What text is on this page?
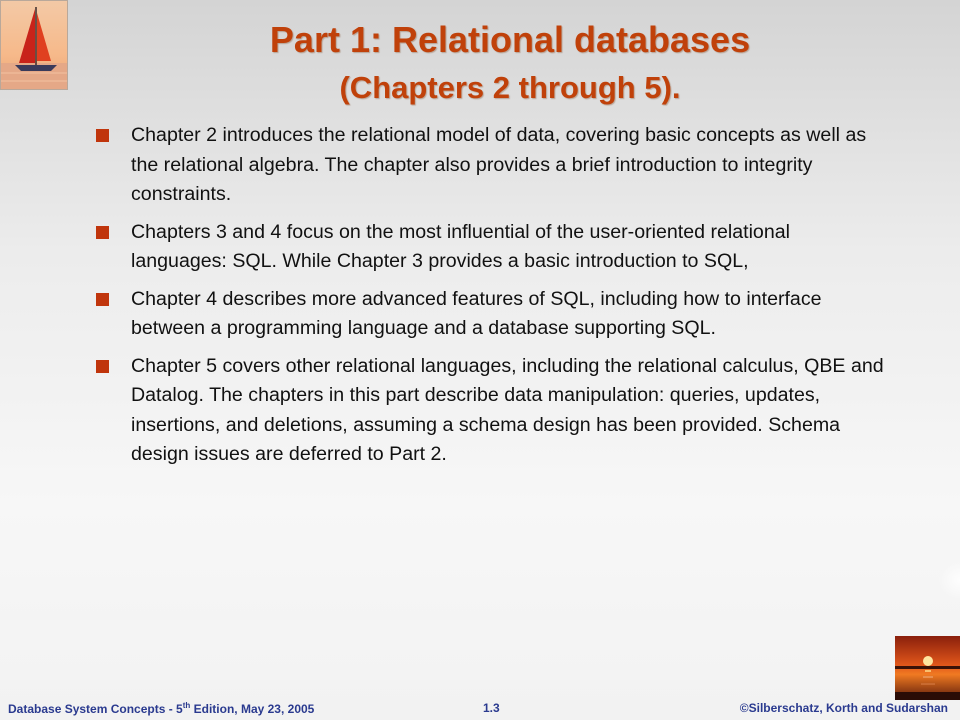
Part 1: Relational databases
(Chapters 2 through 5).
Chapter 2 introduces the relational model of data, covering basic concepts as well as the relational algebra. The chapter also provides a brief introduction to integrity constraints.
Chapters 3 and 4 focus on the most influential of the user-oriented relational languages: SQL. While Chapter 3 provides a basic introduction to SQL,
Chapter 4 describes more advanced features of SQL, including how to interface between a programming language and a database supporting SQL.
Chapter 5 covers other relational languages, including the relational calculus, QBE and Datalog. The chapters in this part describe data manipulation: queries, updates, insertions, and deletions, assuming a schema design has been provided. Schema design issues are deferred to Part 2.
Database System Concepts - 5th Edition, May 23, 2005	1.3	©Silberschatz, Korth and Sudarshan
